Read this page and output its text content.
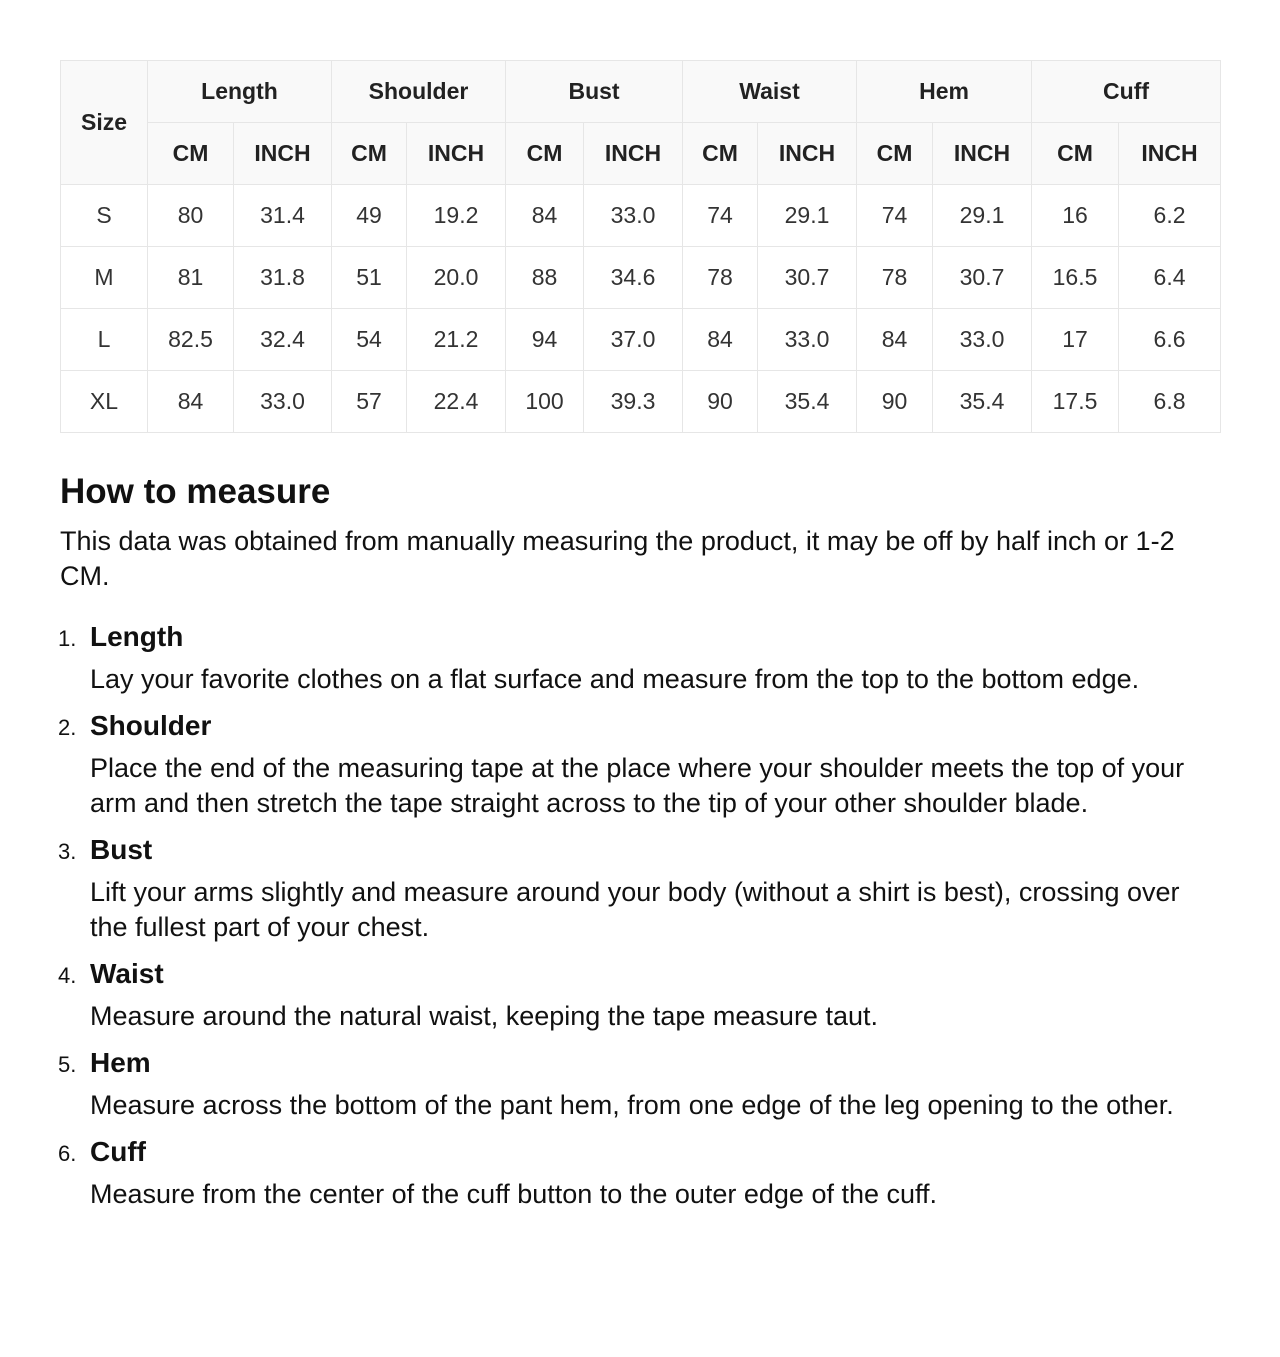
Size	Length		Shoulder		Bust		Waist		Hem		Cuff	
	CM	INCH	CM	INCH	CM	INCH	CM	INCH	CM	INCH	CM	INCH
S	80	31.4	49	19.2	84	33.0	74	29.1	74	29.1	16	6.2
M	81	31.8	51	20.0	88	34.6	78	30.7	78	30.7	16.5	6.4
L	82.5	32.4	54	21.2	94	37.0	84	33.0	84	33.0	17	6.6
XL	84	33.0	57	22.4	100	39.3	90	35.4	90	35.4	17.5	6.8
How to measure

This data was obtained from manually measuring the product, it may be off by half inch or 1-2 CM.

1. Length
Lay your favorite clothes on a flat surface and measure from the top to the bottom edge.
2. Shoulder
Place the end of the measuring tape at the place where your shoulder meets the top of your arm and then stretch the tape straight across to the tip of your other shoulder blade.
3. Bust
Lift your arms slightly and measure around your body (without a shirt is best), crossing over the fullest part of your chest.
4. Waist
Measure around the natural waist, keeping the tape measure taut.
5. Hem
Measure across the bottom of the pant hem, from one edge of the leg opening to the other.
6. Cuff
Measure from the center of the cuff button to the outer edge of the cuff.
